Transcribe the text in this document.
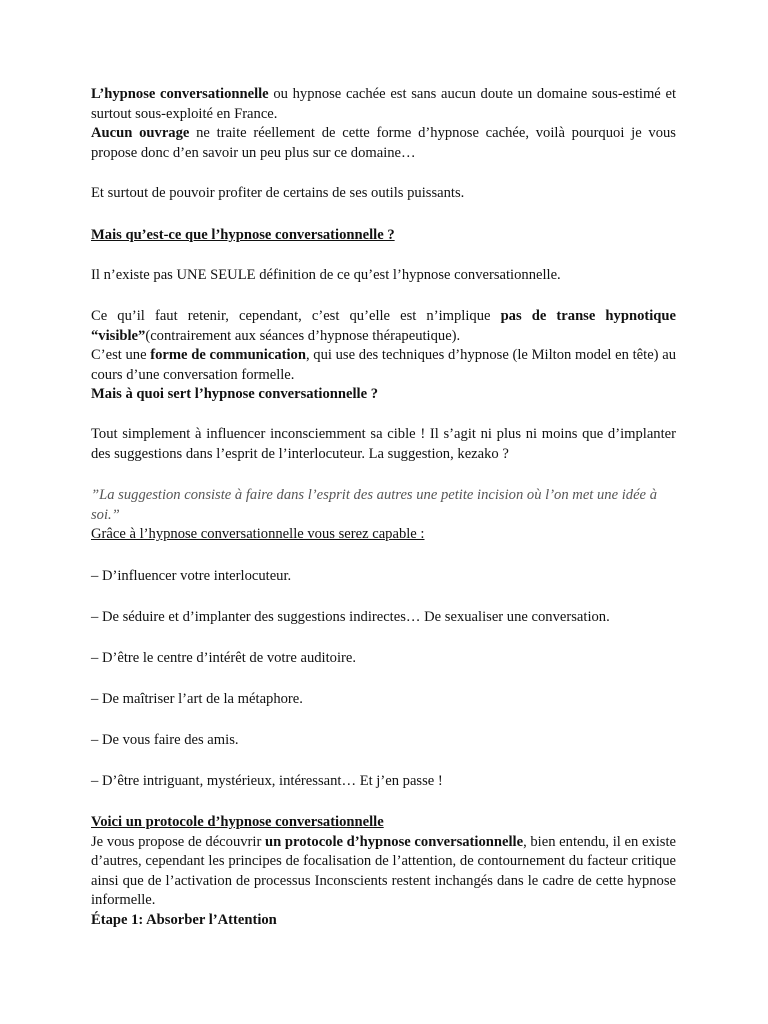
L’hypnose conversationnelle ou hypnose cachée est sans aucun doute un domaine sous-estimé et surtout sous-exploité en France.
Aucun ouvrage ne traite réellement de cette forme d’hypnose cachée, voilà pourquoi je vous propose donc d’en savoir un peu plus sur ce domaine…

Et surtout de pouvoir profiter de certains de ses outils puissants.

Mais qu’est-ce que l’hypnose conversationnelle ?

Il n’existe pas UNE SEULE définition de ce qu’est l’hypnose conversationnelle.

Ce qu’il faut retenir, cependant, c’est qu’elle est n’implique pas de transe hypnotique “visible”(contrairement aux séances d’hypnose thérapeutique).
C’est une forme de communication, qui use des techniques d’hypnose (le Milton model en tête) au cours d’une conversation formelle.
Mais à quoi sert l’hypnose conversationnelle ?

Tout simplement à influencer inconsciemment sa cible ! Il s’agit ni plus ni moins que d’implanter des suggestions dans l’esprit de l’interlocuteur. La suggestion, kezako ?

”La suggestion consiste à faire dans l’esprit des autres une petite incision où l’on met une idée à soi.”
Grâce à l’hypnose conversationnelle vous serez capable :

– D’influencer votre interlocuteur.

– De séduire et d’implanter des suggestions indirectes… De sexualiser une conversation.

– D’être le centre d’intérêt de votre auditoire.

– De maîtriser l’art de la métaphore.

– De vous faire des amis.

– D’être intriguant, mystérieux, intéressant… Et j’en passe !

Voici un protocole d’hypnose conversationnelle
Je vous propose de découvrir un protocole d’hypnose conversationnelle, bien entendu, il en existe d’autres, cependant les principes de focalisation de l’attention, de contournement du facteur critique ainsi que de l’activation de processus Inconscients restent inchangés dans le cadre de cette hypnose informelle.
Étape 1: Absorber l’Attention
